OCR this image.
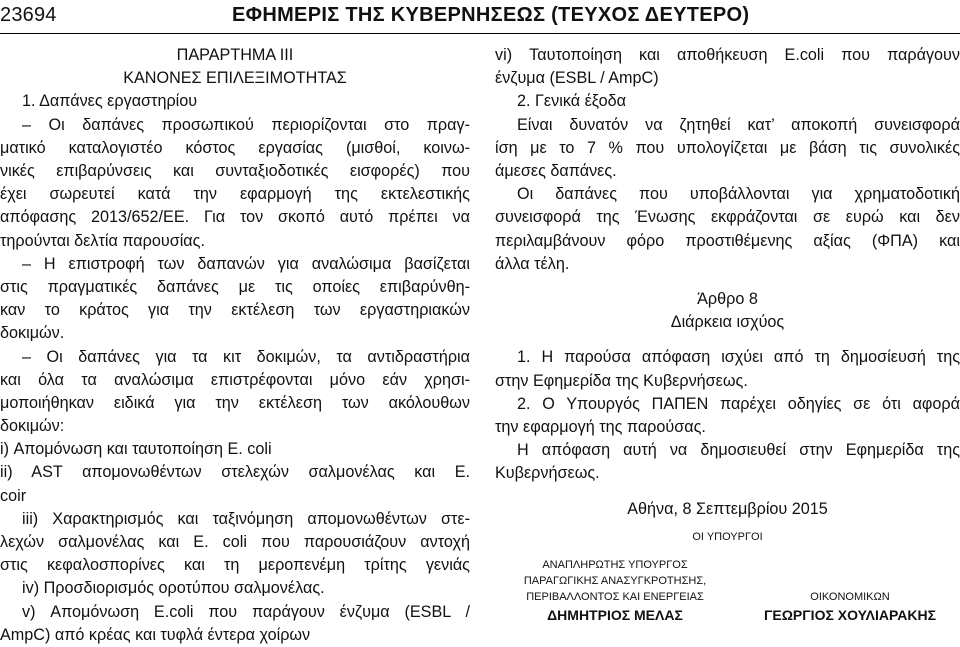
23694	ΕΦΗΜΕΡΙΣ ΤΗΣ ΚΥΒΕΡΝΗΣΕΩΣ (ΤΕΥΧΟΣ ΔΕΥΤΕΡΟ)
ΠΑΡΑΡΤΗΜΑ ΙΙΙ
ΚΑΝΟΝΕΣ ΕΠΙΛΕΞΙΜΟΤΗΤΑΣ
1. Δαπάνες εργαστηρίου
– Οι δαπάνες προσωπικού περιορίζονται στο πραγ-
ματικό καταλογιστέο κόστος εργασίας (μισθοί, κοινω-
νικές επιβαρύνσεις και συνταξιοδοτικές εισφορές) που
έχει σωρευτεί κατά την εφαρμογή της εκτελεστικής
απόφασης 2013/652/ΕΕ. Για τον σκοπό αυτό πρέπει να
τηρούνται δελτία παρουσίας.
– Η επιστροφή των δαπανών για αναλώσιμα βασίζεται
στις πραγματικές δαπάνες με τις οποίες επιβαρύνθη-
καν το κράτος για την εκτέλεση των εργαστηριακών
δοκιμών.
– Οι δαπάνες για τα κιτ δοκιμών, τα αντιδραστήρια
και όλα τα αναλώσιμα επιστρέφονται μόνο εάν χρησι-
μοποιήθηκαν ειδικά για την εκτέλεση των ακόλουθων
δοκιμών:
i) Απομόνωση και ταυτοποίηση E. coli
ii) AST απομονωθέντων στελεχών σαλμονέλας και E.
coir
iii) Χαρακτηρισμός και ταξινόμηση απομονωθέντων στε-
λεχών σαλμονέλας και E. coli που παρουσιάζουν αντοχή
στις κεφαλοσπορίνες και τη μεροπενέμη τρίτης γενιάς
iv) Προσδιορισμός οροτύπου σαλμονέλας.
v) Απομόνωση E.coli που παράγουν ένζυμα (ESBL /
AmpC) από κρέας και τυφλά έντερα χοίρων
vi) Ταυτοποίηση και αποθήκευση E.coli που παράγουν
ένζυμα (ESBL / AmpC)
2. Γενικά έξοδα
Είναι δυνατόν να ζητηθεί κατ’ αποκοπή συνεισφορά
ίση με το 7 % που υπολογίζεται με βάση τις συνολικές
άμεσες δαπάνες.
Οι δαπάνες που υποβάλλονται για χρηματοδοτική
συνεισφορά της Ένωσης εκφράζονται σε ευρώ και δεν
περιλαμβάνουν φόρο προστιθέμενης αξίας (ΦΠΑ) και
άλλα τέλη.
Άρθρο 8
Διάρκεια ισχύος
1. Η παρούσα απόφαση ισχύει από τη δημοσίευσή της
στην Εφημερίδα της Κυβερνήσεως.
2. Ο Υπουργός ΠΑΠΕΝ παρέχει οδηγίες σε ότι αφορά
την εφαρμογή της παρούσας.
Η απόφαση αυτή να δημοσιευθεί στην Εφημερίδα της
Κυβερνήσεως.
Αθήνα, 8 Σεπτεμβρίου 2015
ΟΙ ΥΠΟΥΡΓΟΙ
ΑΝΑΠΛΗΡΩΤΗΣ ΥΠΟΥΡΓΟΣ
ΠΑΡΑΓΩΓΙΚΗΣ ΑΝΑΣΥΓΚΡΟΤΗΣΗΣ,
ΠΕΡΙΒΑΛΛΟΝΤΟΣ ΚΑΙ ΕΝΕΡΓΕΙΑΣ
ΔΗΜΗΤΡΙΟΣ ΜΕΛΑΣ
ΟΙΚΟΝΟΜΙΚΩΝ
ΓΕΩΡΓΙΟΣ ΧΟΥΛΙΑΡΑΚΗΣ
